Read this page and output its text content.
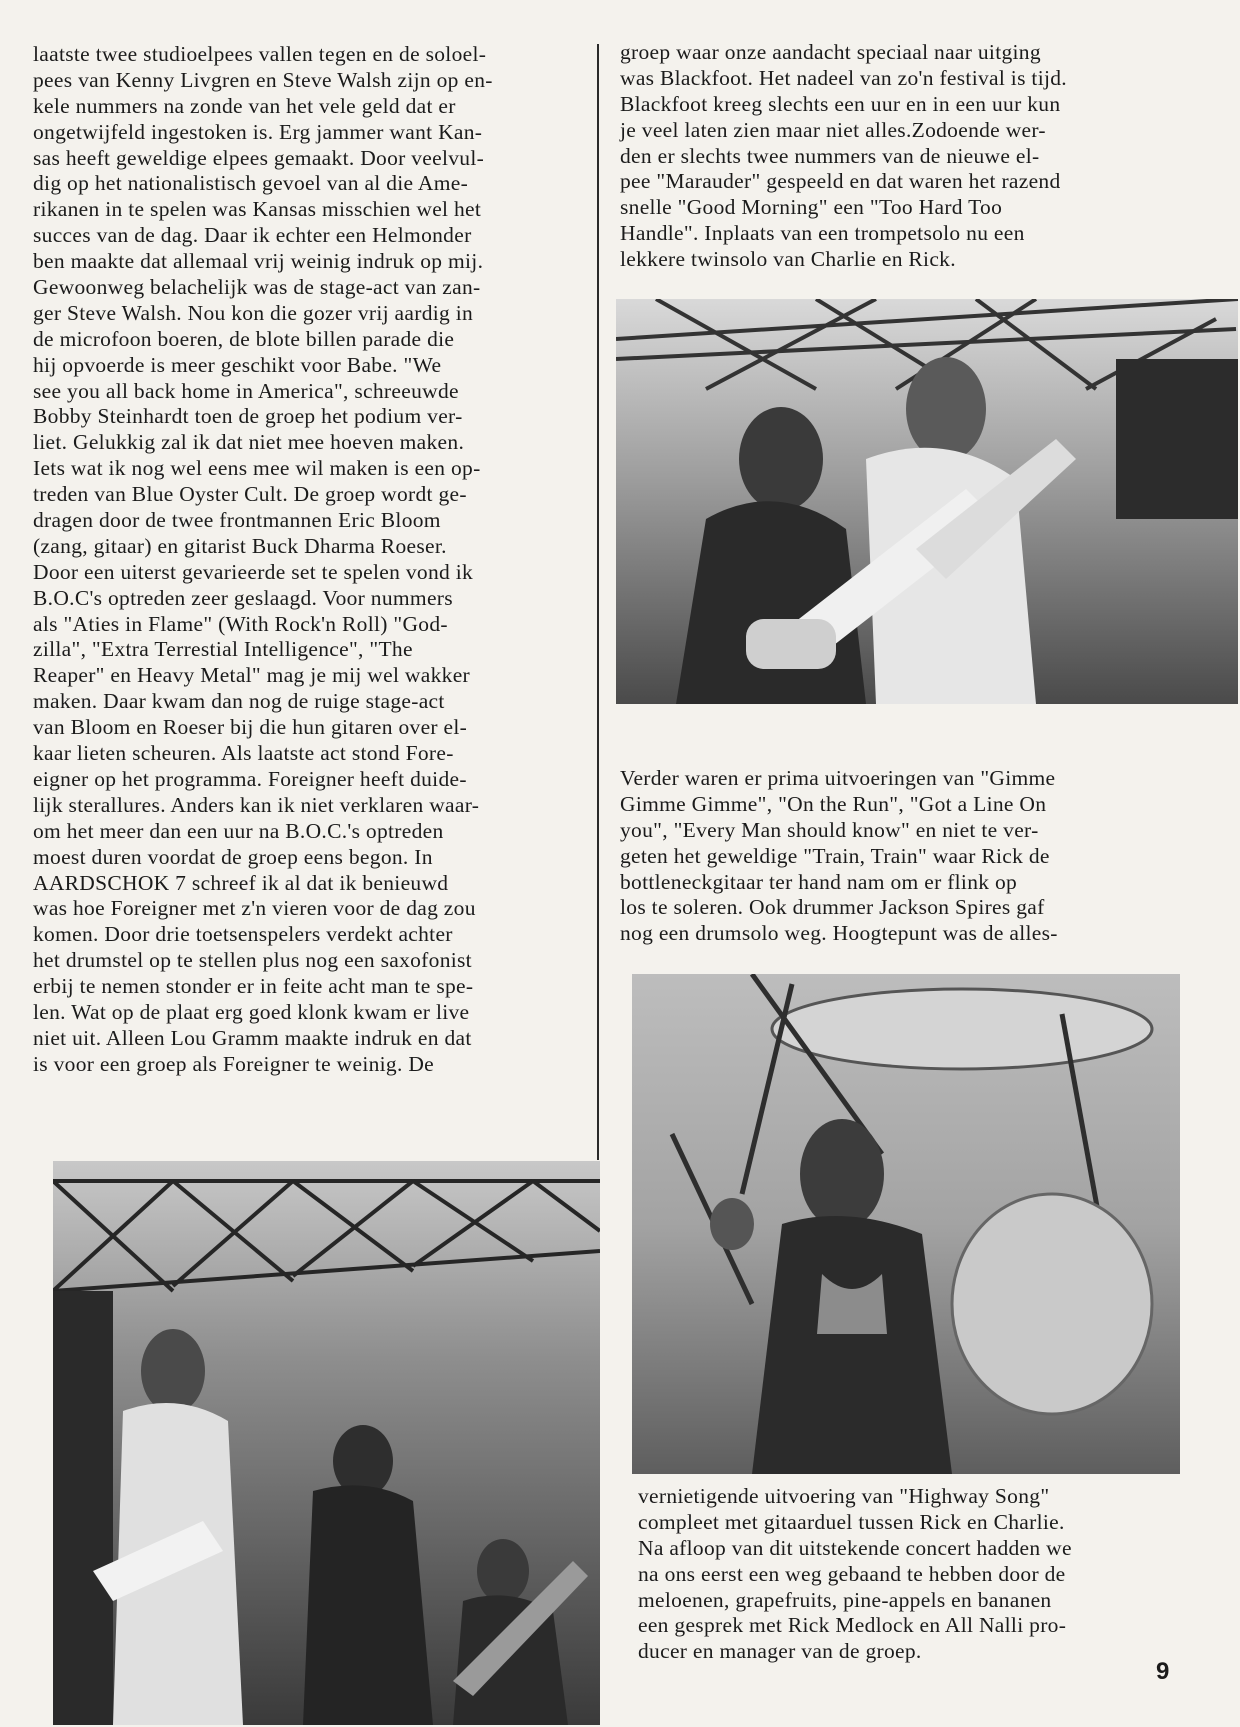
laatste twee studioelpees vallen tegen en de soloel-
pees van Kenny Livgren en Steve Walsh zijn op en-
kele nummers na zonde van het vele geld dat er
ongetwijfeld ingestoken is. Erg jammer want Kan-
sas heeft geweldige elpees gemaakt. Door veelvul-
dig op het nationalistisch gevoel van al die Ame-
rikanen in te spelen was Kansas misschien wel het
succes van de dag. Daar ik echter een Helmonder
ben maakte dat allemaal vrij weinig indruk op mij.
Gewoonweg belachelijk was de stage-act van zan-
ger Steve Walsh. Nou kon die gozer vrij aardig in
de microfoon boeren, de blote billen parade die
hij opvoerde is meer geschikt voor Babe. "We
see you all back home in America", schreeuwde
Bobby Steinhardt toen de groep het podium ver-
liet. Gelukkig zal ik dat niet mee hoeven maken.
Iets wat ik nog wel eens mee wil maken is een op-
treden van Blue Oyster Cult. De groep wordt ge-
dragen door de twee frontmannen Eric Bloom
(zang, gitaar) en gitarist Buck Dharma Roeser.
Door een uiterst gevarieerde set te spelen vond ik
B.O.C's optreden zeer geslaagd. Voor nummers
als "Aties in Flame" (With Rock'n Roll) "God-
zilla", "Extra Terrestial Intelligence", "The
Reaper" en Heavy Metal" mag je mij wel wakker
maken. Daar kwam dan nog de ruige stage-act
van Bloom en Roeser bij die hun gitaren over el-
kaar lieten scheuren. Als laatste act stond Fore-
eigner op het programma. Foreigner heeft duide-
lijk sterallures. Anders kan ik niet verklaren waar-
om het meer dan een uur na B.O.C.'s optreden
moest duren voordat de groep eens begon. In
AARDSCHOK 7 schreef ik al dat ik benieuwd
was hoe Foreigner met z'n vieren voor de dag zou
komen. Door drie toetsenspelers verdekt achter
het drumstel op te stellen plus nog een saxofonist
erbij te nemen stonder er in feite acht man te spe-
len. Wat op de plaat erg goed klonk kwam er live
niet uit. Alleen Lou Gramm maakte indruk en dat
is voor een groep als Foreigner te weinig. De
groep waar onze aandacht speciaal naar uitging
was Blackfoot. Het nadeel van zo'n festival is tijd.
Blackfoot kreeg slechts een uur en in een uur kun
je veel laten zien maar niet alles.Zodoende wer-
den er slechts twee nummers van de nieuwe el-
pee "Marauder" gespeeld en dat waren het razend
snelle "Good Morning" een "Too Hard Too
Handle". Inplaats van een trompetsolo nu een
lekkere twinsolo van Charlie en Rick.
Verder waren er prima uitvoeringen van "Gimme
Gimme Gimme", "On the Run", "Got a Line On
you", "Every Man should know" en niet te ver-
geten het geweldige "Train, Train" waar Rick de
bottleneckgitaar ter hand nam om er flink op
los te soleren. Ook drummer Jackson Spires gaf
nog een drumsolo weg. Hoogtepunt was de alles-
vernietigende uitvoering van "Highway Song"
compleet met gitaarduel tussen Rick en Charlie.
Na afloop van dit uitstekende concert hadden we
na ons eerst een weg gebaand te hebben door de
meloenen, grapefruits, pine-appels en bananen
een gesprek met Rick Medlock en All Nalli pro-
ducer en manager van de groep.
9
